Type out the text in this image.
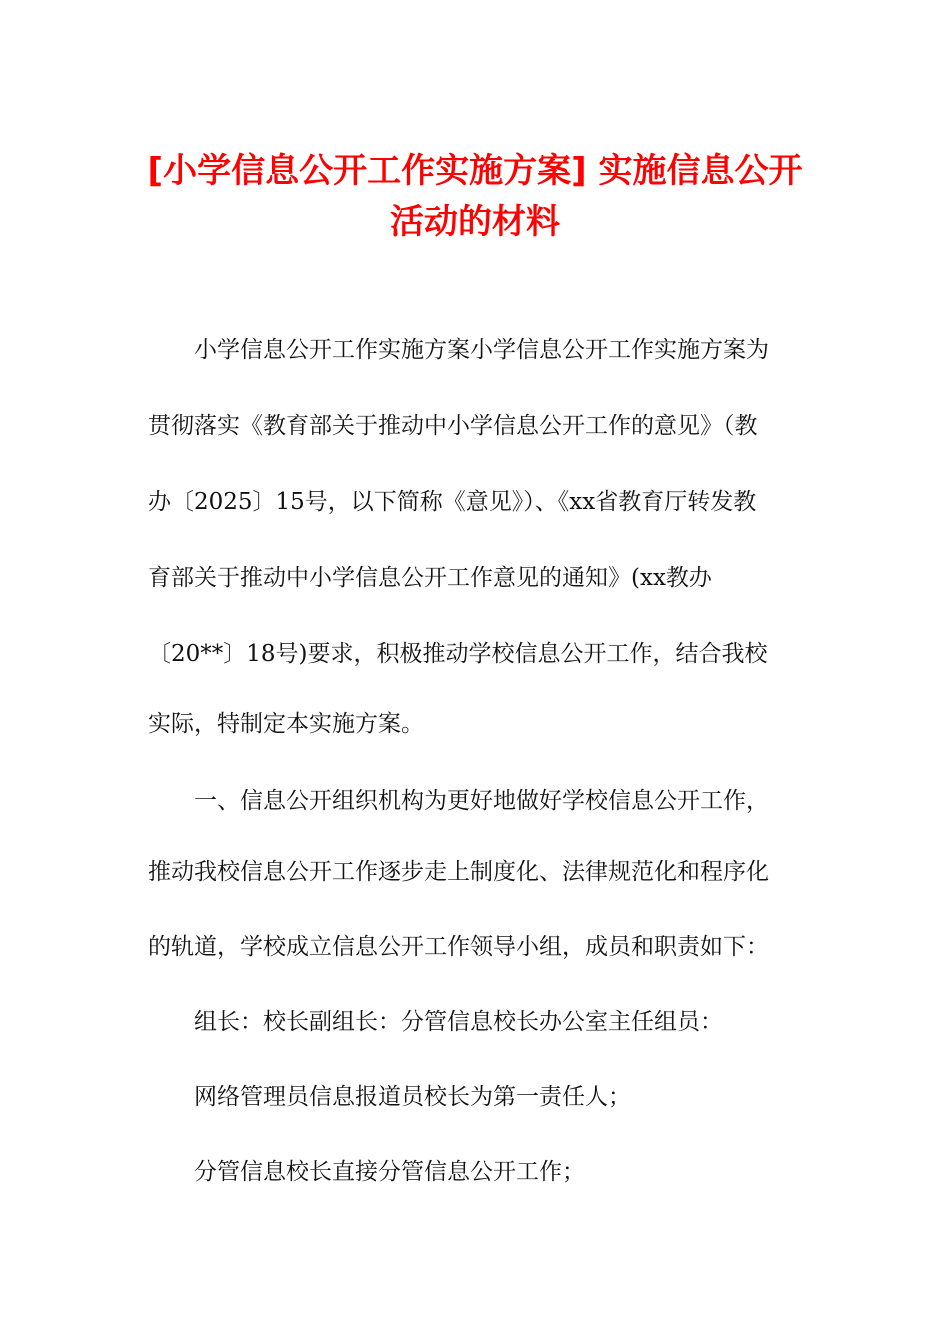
[小学信息公开工作实施方案] 实施信息公开
活动的材料

小学信息公开工作实施方案小学信息公开工作实施方案为

贯彻落实《教育部关于推动中小学信息公开工作的意见》（教

办〔2025〕15号，以下简称《意见》）、《xx省教育厅转发教

育部关于推动中小学信息公开工作意见的通知》(xx教办

〔20**〕18号)要求，积极推动学校信息公开工作，结合我校

实际，特制定本实施方案。

一、信息公开组织机构为更好地做好学校信息公开工作，

推动我校信息公开工作逐步走上制度化、法律规范化和程序化

的轨道，学校成立信息公开工作领导小组，成员和职责如下：

组长：校长副组长：分管信息校长办公室主任组员：

网络管理员信息报道员校长为第一责任人；

分管信息校长直接分管信息公开工作；
